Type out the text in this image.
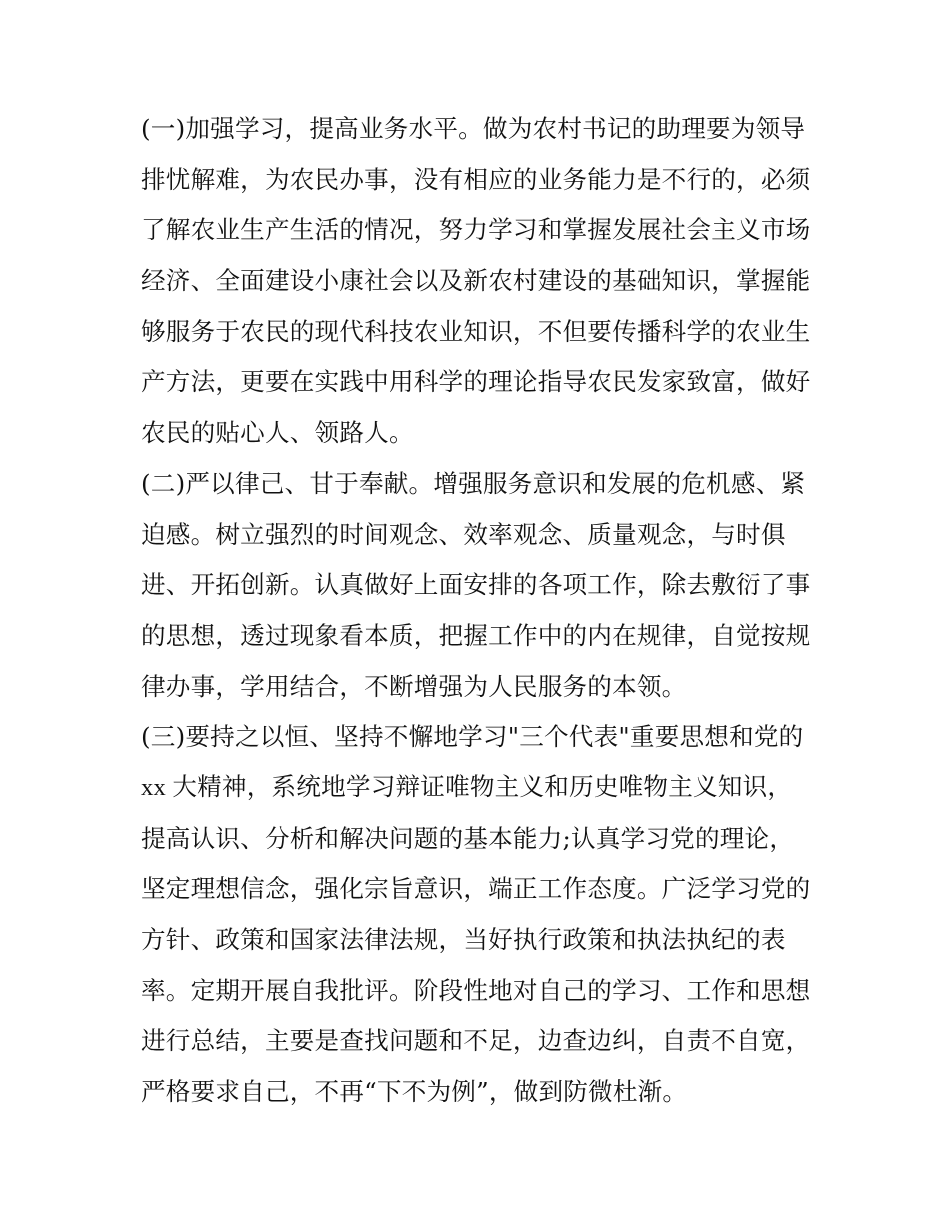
(一)加强学习，提高业务水平。做为农村书记的助理要为领导
排忧解难，为农民办事，没有相应的业务能力是不行的，必须
了解农业生产生活的情况，努力学习和掌握发展社会主义市场
经济、全面建设小康社会以及新农村建设的基础知识，掌握能
够服务于农民的现代科技农业知识，不但要传播科学的农业生
产方法，更要在实践中用科学的理论指导农民发家致富，做好
农民的贴心人、领路人。
(二)严以律己、甘于奉献。增强服务意识和发展的危机感、紧
迫感。树立强烈的时间观念、效率观念、质量观念，与时俱
进、开拓创新。认真做好上面安排的各项工作，除去敷衍了事
的思想，透过现象看本质，把握工作中的内在规律，自觉按规
律办事，学用结合，不断增强为人民服务的本领。
(三)要持之以恒、坚持不懈地学习"三个代表"重要思想和党的
xx 大精神，系统地学习辩证唯物主义和历史唯物主义知识，
提高认识、分析和解决问题的基本能力;认真学习党的理论，
坚定理想信念，强化宗旨意识，端正工作态度。广泛学习党的
方针、政策和国家法律法规，当好执行政策和执法执纪的表
率。定期开展自我批评。阶段性地对自己的学习、工作和思想
进行总结，主要是查找问题和不足，边查边纠，自责不自宽，
严格要求自己，不再“下不为例”，做到防微杜渐。
